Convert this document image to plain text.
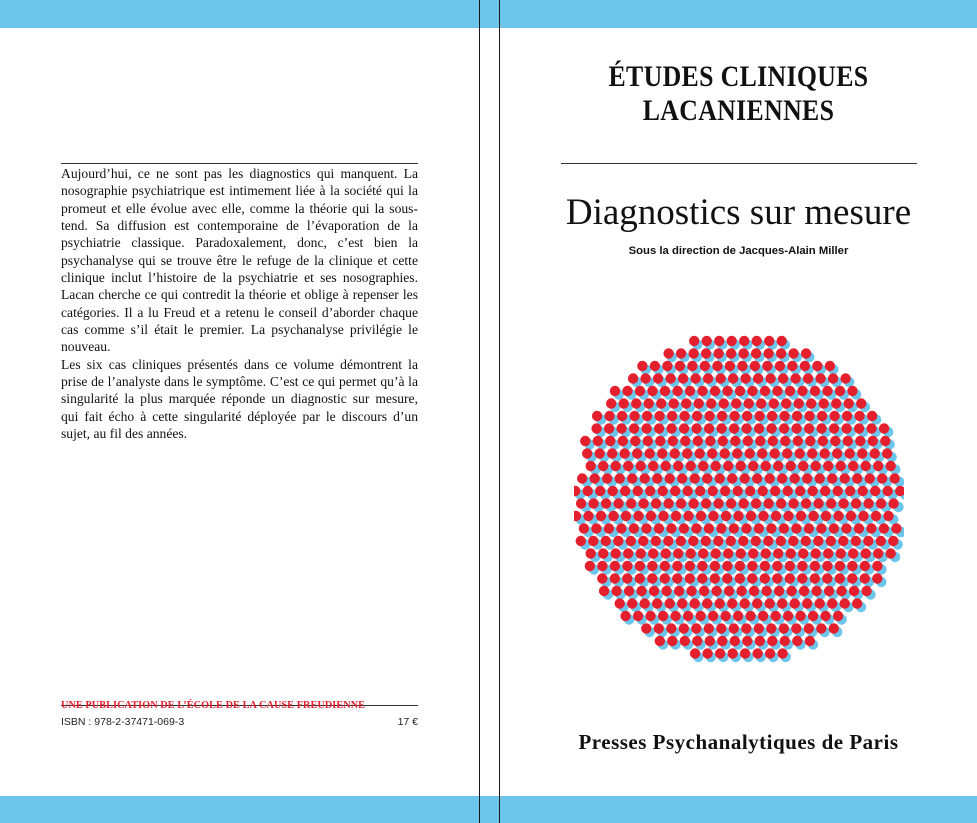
Aujourd’hui, ce ne sont pas les diagnostics qui manquent. La nosographie psychiatrique est intimement liée à la société qui la promeut et elle évolue avec elle, comme la théorie qui la sous-tend. Sa diffusion est contemporaine de l’évaporation de la psychiatrie classique. Paradoxalement, donc, c’est bien la psychanalyse qui se trouve être le refuge de la clinique et cette clinique inclut l’histoire de la psychiatrie et ses nosographies. Lacan cherche ce qui contredit la théorie et oblige à repenser les catégories. Il a lu Freud et a retenu le conseil d’aborder chaque cas comme s’il était le premier. La psychanalyse privilégie le nouveau.

Les six cas cliniques présentés dans ce volume démontrent la prise de l’analyste dans le symptôme. C’est ce qui permet qu’à la singularité la plus marquée réponde un diagnostic sur mesure, qui fait écho à cette singularité déployée par le discours d’un sujet, au fil des années.

UNE PUBLICATION DE L’ÉCOLE DE LA CAUSE FREUDIENNE
ISBN : 978-2-37471-069-3	17 €
ÉTUDES CLINIQUES
LACANIENNES
Diagnostics sur mesure
Sous la direction de Jacques-Alain Miller
Presses Psychanalytiques de Paris
